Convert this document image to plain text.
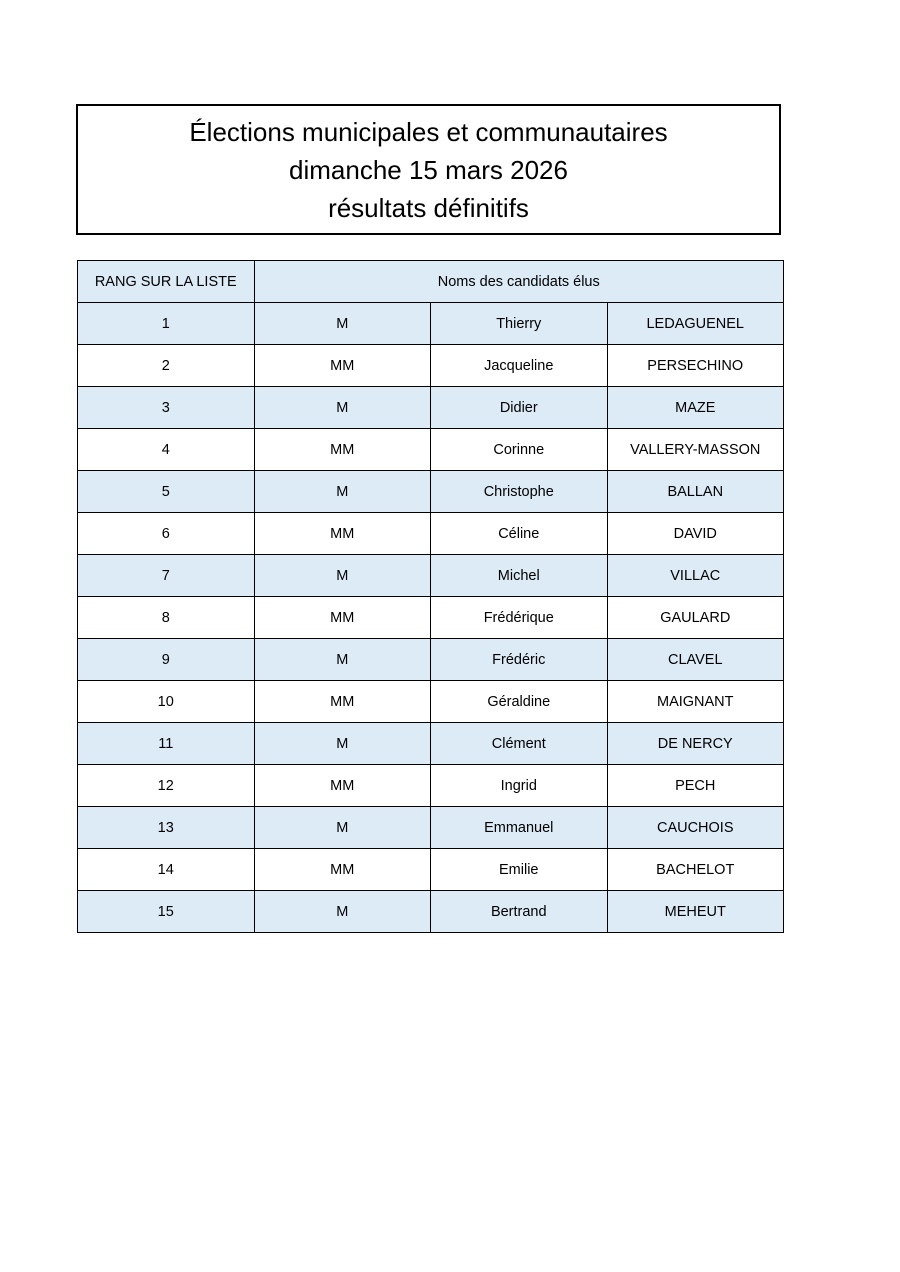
Élections municipales et communautaires
dimanche 15 mars 2026
résultats définitifs
RANG SUR LA LISTE	Noms des candidats élus		
1	M	Thierry	LEDAGUENEL
2	MM	Jacqueline	PERSECHINO
3	M	Didier	MAZE
4	MM	Corinne	VALLERY-MASSON
5	M	Christophe	BALLAN
6	MM	Céline	DAVID
7	M	Michel	VILLAC
8	MM	Frédérique	GAULARD
9	M	Frédéric	CLAVEL
10	MM	Géraldine	MAIGNANT
11	M	Clément	DE NERCY
12	MM	Ingrid	PECH
13	M	Emmanuel	CAUCHOIS
14	MM	Emilie	BACHELOT
15	M	Bertrand	MEHEUT
